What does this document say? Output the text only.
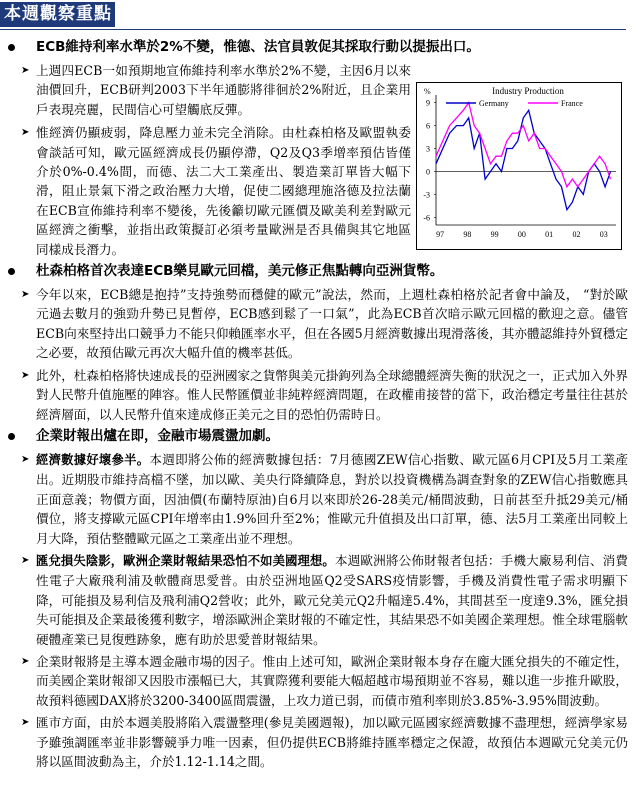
本週觀察重點
9
6
3
0
-3
-6
97 98 99 00 01 02 03
%	Industry Production
Germany	France
ECB維持利率水準於2%不變，惟德、法官員敦促其採取行動以提振出口。
➤ 上週四ECB一如預期地宣佈維持利率水準於2%不變，主因6月以來油價回升，ECB研判2003下半年通膨將徘徊於2%附近，且企業用戶表現亮麗，民間信心可望觸底反彈。
➤ 惟經濟仍顯疲弱，降息壓力並未完全消除。由杜森柏格及歐盟執委會談話可知，歐元區經濟成長仍顯停滯，Q2及Q3季增率預估皆僅介於0%-0.4%間，而德、法二大工業產出、製造業訂單皆大幅下滑，阻止景氣下滑之政治壓力大增，促使二國總理施洛德及拉法蘭在ECB宣佈維持利率不變後，先後籲切歐元匯價及歐美利差對歐元區經濟之衝擊，並指出政策擬訂必須考量歐洲是否具備與其它地區同樣成長潛力。
杜森柏格首次表達ECB樂見歐元回檔，美元修正焦點轉向亞洲貨幣。
➤ 今年以來，ECB總是抱持”支持強勢而穩健的歐元”說法，然而，上週杜森柏格於記者會中論及， “對於歐元過去數月的強勁升勢已見暫停，ECB感到鬆了一口氣”，此為ECB首次暗示歐元回檔的歡迎之意。儘管ECB向來堅持出口競爭力不能只仰賴匯率水平，但在各國5月經濟數據出現滑落後，其亦體認維持外貿穩定之必要，故預估歐元再次大幅升值的機率甚低。
➤ 此外，杜森柏格將快速成長的亞洲國家之貨幣與美元掛鉤列為全球總體經濟失衡的狀況之一，正式加入外界對人民幣升值施壓的陣容。惟人民幣匯價並非純粹經濟問題，在政權甫接替的當下，政治穩定考量往往甚於經濟層面，以人民幣升值來達成修正美元之目的恐怕仍需時日。
企業財報出爐在即，金融市場震盪加劇。
➤ 經濟數據好壞參半。本週即將公佈的經濟數據包括：7月德國ZEW信心指數、歐元區6月CPI及5月工業產出。近期股市維持高檔不墜，加以歐、美央行降續降息，對於以投資機構為調查對象的ZEW信心指數應具正面意義；物價方面，因油價(布蘭特原油)自6月以來即於26-28美元/桶間波動，日前甚至升抵29美元/桶價位，將支撐歐元區CPI年增率由1.9%回升至2%；惟歐元升值損及出口訂單，德、法5月工業產出同較上月大降，預估整體歐元區之工業產出並不理想。
➤ 匯兌損失陰影，歐洲企業財報結果恐怕不如美國理想。本週歐洲將公佈財報者包括：手機大廠易利信、消費性電子大廠飛利浦及軟體商思愛普。由於亞洲地區Q2受SARS疫情影響，手機及消費性電子需求明顯下降，可能損及易利信及飛利浦Q2營收；此外，歐元兌美元Q2升幅達5.4%，其間甚至一度達9.3%，匯兌損失可能損及企業最後獲利數字，增添歐洲企業財報的不確定性，其結果恐不如美國企業理想。惟全球電腦軟硬體產業已見復甦跡象，應有助於思愛普財報結果。
➤ 企業財報將是主導本週金融市場的因子。惟由上述可知，歐洲企業財報本身存在龐大匯兌損失的不確定性，而美國企業財報卻又因股市漲幅已大，其實際獲利要能大幅超越市場預期並不容易，難以進一步推升歐股，故預料德國DAX將於3200-3400區間震盪，上攻力道已弱，而債市殖利率則於3.85%-3.95%間波動。
➤ 匯市方面，由於本週美股將陷入震盪整理(參見美國週報)，加以歐元區國家經濟數據不盡理想，經濟學家易予雖強調匯率並非影響競爭力唯一因素，但仍提供ECB將維持匯率穩定之保證，故預估本週歐元兌美元仍將以區間波動為主，介於1.12-1.14之間。
